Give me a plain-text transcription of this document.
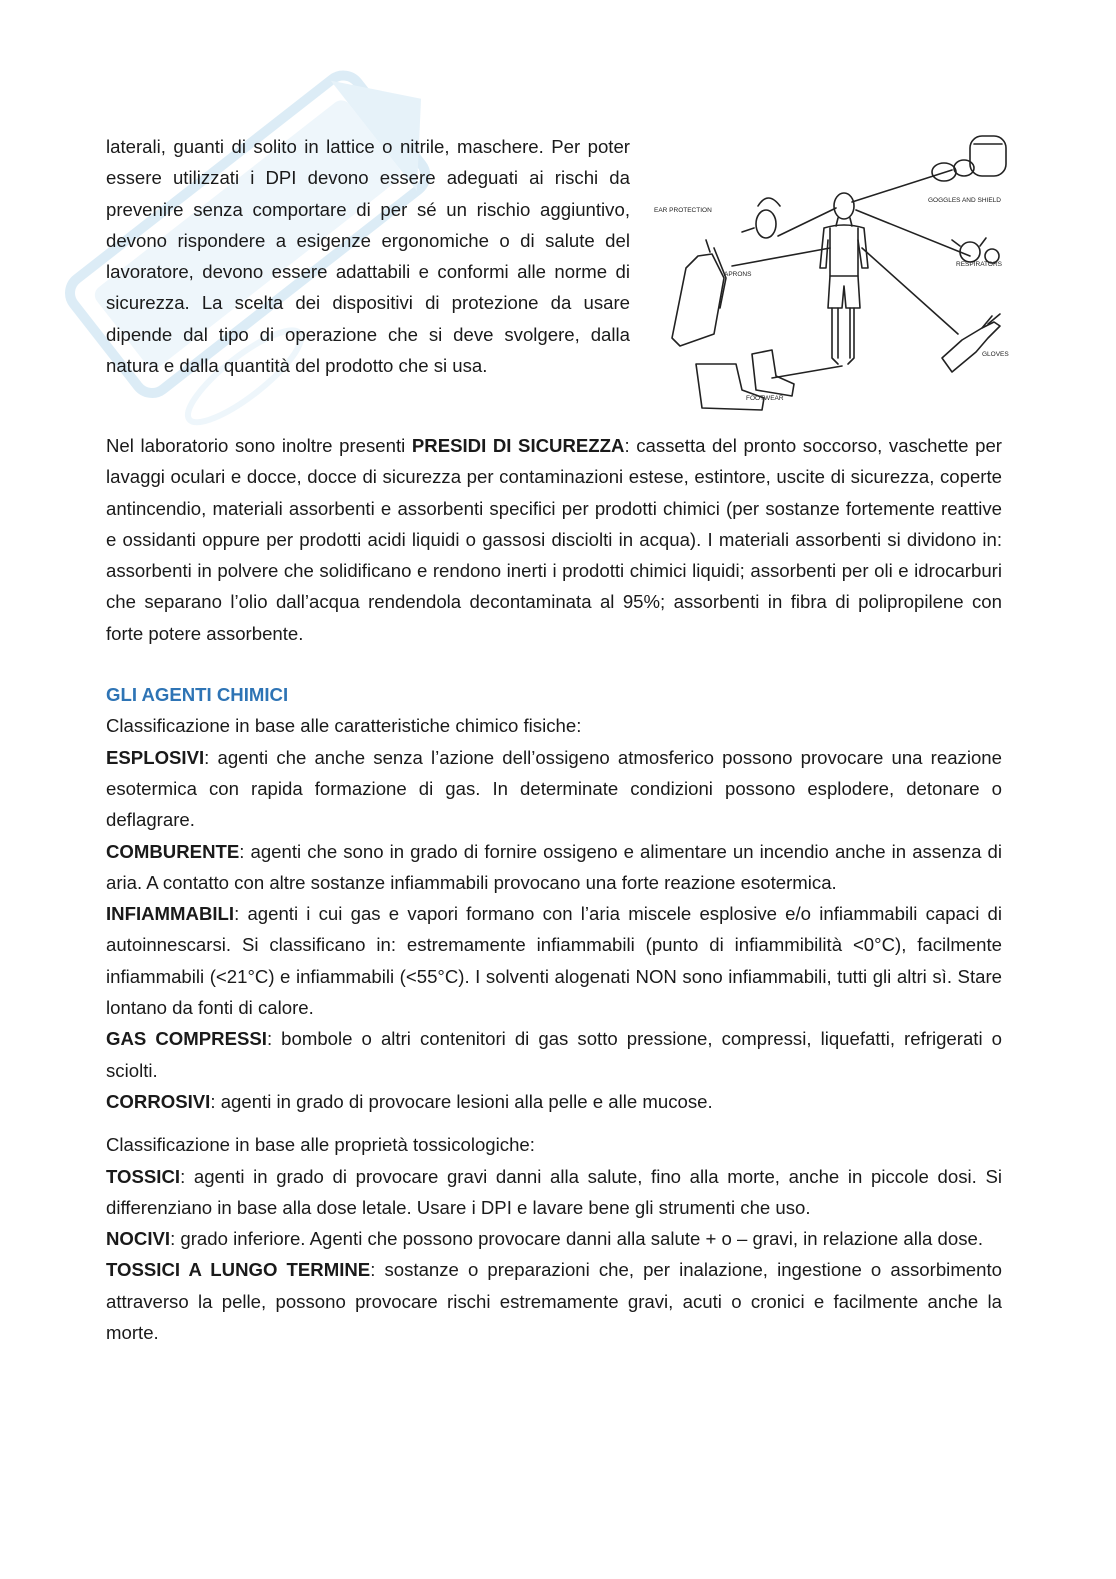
laterali, guanti di solito in lattice o nitrile, maschere. Per poter essere utilizzati i DPI devono essere adeguati ai rischi da prevenire senza comportare di per sé un rischio aggiuntivo, devono rispondere a esigenze ergonomiche o di salute del lavoratore, devono essere adattabili e conformi alle norme di sicurezza. La scelta dei dispositivi di protezione da usare dipende dal tipo di operazione che si deve svolgere, dalla natura e dalla quantità del prodotto che si usa.

EAR PROTECTION
GOGGLES AND SHIELD
RESPIRATORS
APRONS
GLOVES
FOOTWEAR

Nel laboratorio sono inoltre presenti PRESIDI DI SICUREZZA: cassetta del pronto soccorso, vaschette per lavaggi oculari e docce, docce di sicurezza per contaminazioni estese, estintore, uscite di sicurezza, coperte antincendio, materiali assorbenti e assorbenti specifici per prodotti chimici (per sostanze fortemente reattive e ossidanti oppure per prodotti acidi liquidi o gassosi disciolti in acqua). I materiali assorbenti si dividono in: assorbenti in polvere che solidificano e rendono inerti i prodotti chimici liquidi; assorbenti per oli e idrocarburi che separano l’olio dall’acqua rendendola decontaminata al 95%; assorbenti in fibra di polipropilene con forte potere assorbente.

GLI AGENTI CHIMICI

Classificazione in base alle caratteristiche chimico fisiche:

ESPLOSIVI: agenti che anche senza l’azione dell’ossigeno atmosferico possono provocare una reazione esotermica con rapida formazione di gas. In determinate condizioni possono esplodere, detonare o deflagrare.

COMBURENTE: agenti che sono in grado di fornire ossigeno e alimentare un incendio anche in assenza di aria. A contatto con altre sostanze infiammabili provocano una forte reazione esotermica.

INFIAMMABILI: agenti i cui gas e vapori formano con l’aria miscele esplosive e/o infiammabili capaci di autoinnescarsi. Si classificano in: estremamente infiammabili (punto di infiammibilità <0°C), facilmente infiammabili (<21°C) e infiammabili (<55°C). I solventi alogenati NON sono infiammabili, tutti gli altri sì. Stare lontano da fonti di calore.

GAS COMPRESSI: bombole o altri contenitori di gas sotto pressione, compressi, liquefatti, refrigerati o sciolti.

CORROSIVI: agenti in grado di provocare lesioni alla pelle e alle mucose.

Classificazione in base alle proprietà tossicologiche:

TOSSICI: agenti in grado di provocare gravi danni alla salute, fino alla morte, anche in piccole dosi. Si differenziano in base alla dose letale. Usare i DPI e lavare bene gli strumenti che uso.

NOCIVI: grado inferiore. Agenti che possono provocare danni alla salute + o – gravi, in relazione alla dose.

TOSSICI A LUNGO TERMINE: sostanze o preparazioni che, per inalazione, ingestione o assorbimento attraverso la pelle, possono provocare rischi estremamente gravi, acuti o cronici e facilmente anche la morte.
